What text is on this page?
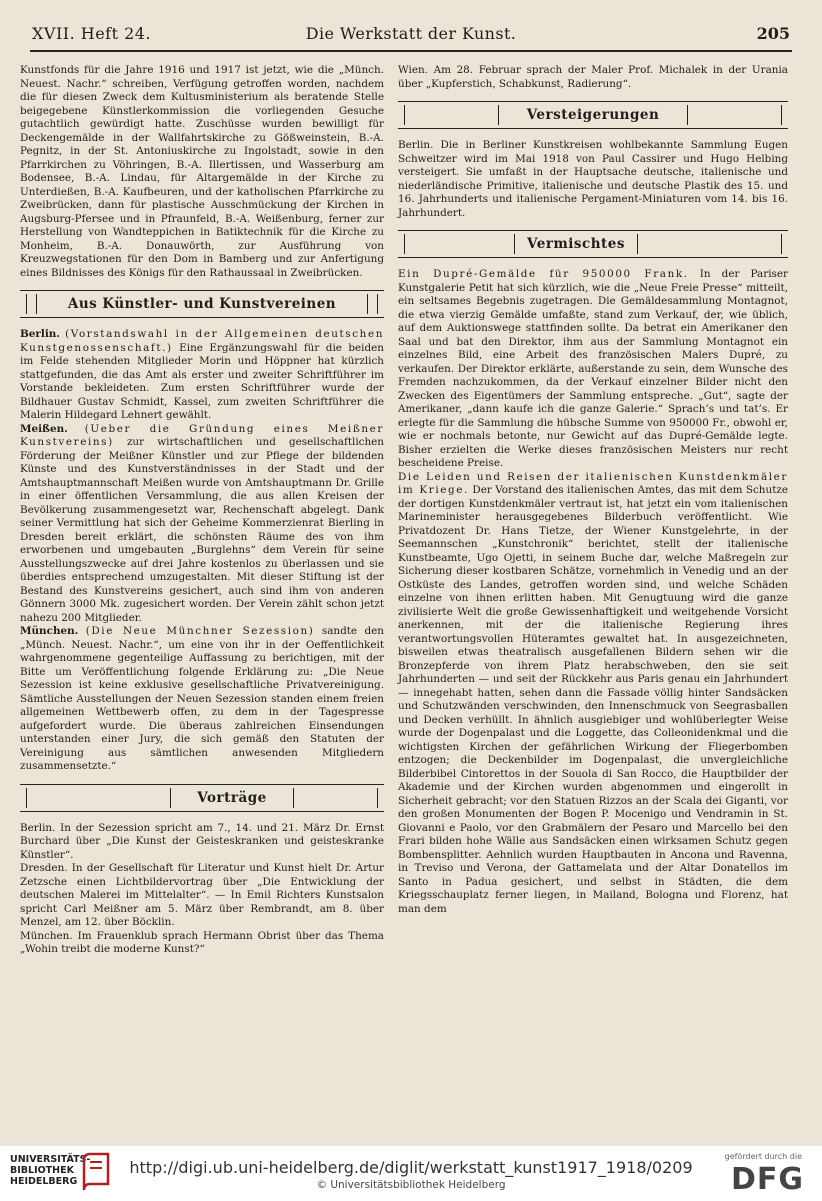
XVII. Heft 24.	Die Werkstatt der Kunst.	205

Kunstfonds für die Jahre 1916 und 1917 ist jetzt, wie die „Münch. Neuest. Nachr.“ schreiben, Verfügung getroffen worden, nachdem die für diesen Zweck dem Kultusministerium als beratende Stelle beigegebene Künstlerkommission die vorliegenden Gesuche gutachtlich gewürdigt hatte. Zuschüsse wurden bewilligt für Deckengemälde in der Wallfahrtskirche zu Gößweinstein, B.-A. Pegnitz, in der St. Antoniuskirche zu Ingolstadt, sowie in den Pfarrkirchen zu Vöhringen, B.-A. Illertissen, und Wasserburg am Bodensee, B.-A. Lindau, für Altargemälde in der Kirche zu Unterdießen, B.-A. Kaufbeuren, und der katholischen Pfarrkirche zu Zweibrücken, dann für plastische Ausschmückung der Kirchen in Augsburg-Pfersee und in Pfraunfeld, B.-A. Weißenburg, ferner zur Herstellung von Wandteppichen in Batiktechnik für die Kirche zu Monheim, B.-A. Donauwörth, zur Ausführung von Kreuzwegstationen für den Dom in Bamberg und zur Anfertigung eines Bildnisses des Königs für den Rathaussaal in Zweibrücken.

Aus Künstler- und Kunstvereinen

Berlin. (Vorstandswahl in der Allgemeinen deutschen Kunstgenossenschaft.) Eine Ergänzungswahl für die beiden im Felde stehenden Mitglieder Morin und Höppner hat kürzlich stattgefunden, die das Amt als erster und zweiter Schriftführer im Vorstande bekleideten. Zum ersten Schriftführer wurde der Bildhauer Gustav Schmidt, Kassel, zum zweiten Schriftführer die Malerin Hildegard Lehnert gewählt.

Meißen. (Ueber die Gründung eines Meißner Kunstvereins) zur wirtschaftlichen und gesellschaftlichen Förderung der Meißner Künstler und zur Pflege der bildenden Künste und des Kunstverständnisses in der Stadt und der Amtshauptmannschaft Meißen wurde von Amtshauptmann Dr. Grille in einer öffentlichen Versammlung, die aus allen Kreisen der Bevölkerung zusammengesetzt war, Rechenschaft abgelegt. Dank seiner Vermittlung hat sich der Geheime Kommerzienrat Bierling in Dresden bereit erklärt, die schönsten Räume des von ihm erworbenen und umgebauten „Burglehns“ dem Verein für seine Ausstellungszwecke auf drei Jahre kostenlos zu überlassen und sie überdies entsprechend umzugestalten. Mit dieser Stiftung ist der Bestand des Kunstvereins gesichert, auch sind ihm von anderen Gönnern 3000 Mk. zugesichert worden. Der Verein zählt schon jetzt nahezu 200 Mitglieder.

München. (Die Neue Münchner Sezession) sandte den „Münch. Neuest. Nachr.“, um eine von ihr in der Oeffentlichkeit wahrgenommene gegenteilige Auffassung zu berichtigen, mit der Bitte um Veröffentlichung folgende Erklärung zu: „Die Neue Sezession ist keine exklusive gesellschaftliche Privatvereinigung. Sämtliche Ausstellungen der Neuen Sezession standen einem freien allgemeinen Wettbewerb offen, zu dem in der Tagespresse aufgefordert wurde. Die überaus zahlreichen Einsendungen unterstanden einer Jury, die sich gemäß den Statuten der Vereinigung aus sämtlichen anwesenden Mitgliedern zusammensetzte.“

Vorträge

Berlin. In der Sezession spricht am 7., 14. und 21. März Dr. Ernst Burchard über „Die Kunst der Geisteskranken und geisteskranke Künstler“.

Dresden. In der Gesellschaft für Literatur und Kunst hielt Dr. Artur Zetzsche einen Lichtbildervortrag über „Die Entwicklung der deutschen Malerei im Mittelalter“. — In Emil Richters Kunstsalon spricht Carl Meißner am 5. März über Rembrandt, am 8. über Menzel, am 12. über Böcklin.

München. Im Frauenklub sprach Hermann Obrist über das Thema „Wohin treibt die moderne Kunst?“

Wien. Am 28. Februar sprach der Maler Prof. Michalek in der Urania über „Kupferstich, Schabkunst, Radierung“.

Versteigerungen

Berlin. Die in Berliner Kunstkreisen wohlbekannte Sammlung Eugen Schweitzer wird im Mai 1918 von Paul Cassirer und Hugo Helbing versteigert. Sie umfaßt in der Hauptsache deutsche, italienische und niederländische Primitive, italienische und deutsche Plastik des 15. und 16. Jahrhunderts und italienische Pergament-Miniaturen vom 14. bis 16. Jahrhundert.

Vermischtes

Ein Dupré-Gemälde für 950000 Frank. In der Pariser Kunstgalerie Petit hat sich kürzlich, wie die „Neue Freie Presse“ mitteilt, ein seltsames Begebnis zugetragen. Die Gemäldesammlung Montagnot, die etwa vierzig Gemälde umfaßte, stand zum Verkauf, der, wie üblich, auf dem Auktionswege stattfinden sollte. Da betrat ein Amerikaner den Saal und bat den Direktor, ihm aus der Sammlung Montagnot ein einzelnes Bild, eine Arbeit des französischen Malers Dupré, zu verkaufen. Der Direktor erklärte, außerstande zu sein, dem Wunsche des Fremden nachzukommen, da der Verkauf einzelner Bilder nicht den Zwecken des Eigentümers der Sammlung entspreche. „Gut“, sagte der Amerikaner, „dann kaufe ich die ganze Galerie.“ Sprach’s und tat’s. Er erlegte für die Sammlung die hübsche Summe von 950000 Fr., obwohl er, wie er nochmals betonte, nur Gewicht auf das Dupré-Gemälde legte. Bisher erzielten die Werke dieses französischen Meisters nur recht bescheidene Preise.

Die Leiden und Reisen der italienischen Kunstdenkmäler im Kriege. Der Vorstand des italienischen Amtes, das mit dem Schutze der dortigen Kunstdenkmäler vertraut ist, hat jetzt ein vom italienischen Marineminister herausgegebenes Bilderbuch veröffentlicht. Wie Privatdozent Dr. Hans Tietze, der Wiener Kunstgelehrte, in der Seemannschen „Kunstchronik“ berichtet, stellt der italienische Kunstbeamte, Ugo Ojetti, in seinem Buche dar, welche Maßregeln zur Sicherung dieser kostbaren Schätze, vornehmlich in Venedig und an der Ostküste des Landes, getroffen worden sind, und welche Schäden einzelne von ihnen erlitten haben. Mit Genugtuung wird die ganze zivilisierte Welt die große Gewissenhaftigkeit und weitgehende Vorsicht anerkennen, mit der die italienische Regierung ihres verantwortungsvollen Hüteramtes gewaltet hat. In ausgezeichneten, bisweilen etwas theatralisch ausgefallenen Bildern sehen wir die Bronzepferde von ihrem Platz herabschweben, den sie seit Jahrhunderten — und seit der Rückkehr aus Paris genau ein Jahrhundert — innegehabt hatten, sehen dann die Fassade völlig hinter Sandsäcken und Schutzwänden verschwinden, den Innenschmuck von Seegrasballen und Decken verhüllt. In ähnlich ausgiebiger und wohlüberlegter Weise wurde der Dogenpalast und die Loggette, das Colleonidenkmal und die wichtigsten Kirchen der gefährlichen Wirkung der Fliegerbomben entzogen; die Deckenbilder im Dogenpalast, die unvergleichliche Bilderbibel Cintorettos in der Souola di San Rocco, die Hauptbilder der Akademie und der Kirchen wurden abgenommen und eingerollt in Sicherheit gebracht; vor den Statuen Rizzos an der Scala dei Giganti, vor den großen Monumenten der Bogen P. Mocenigo und Vendramin in St. Giovanni e Paolo, vor den Grabmälern der Pesaro und Marcello bei den Frari bilden hohe Wälle aus Sandsäcken einen wirksamen Schutz gegen Bombensplitter. Aehnlich wurden Hauptbauten in Ancona und Ravenna, in Treviso und Verona, der Gattamelata und der Altar Donatellos im Santo in Padua gesichert, und selbst in Städten, die dem Kriegsschauplatz ferner liegen, in Mailand, Bologna und Florenz, hat man dem

UNIVERSITÄTS-
BIBLIOTHEK
HEIDELBERG
http://digi.ub.uni-heidelberg.de/diglit/werkstatt_kunst1917_1918/0209
© Universitätsbibliothek Heidelberg
gefördert durch die
DFG
